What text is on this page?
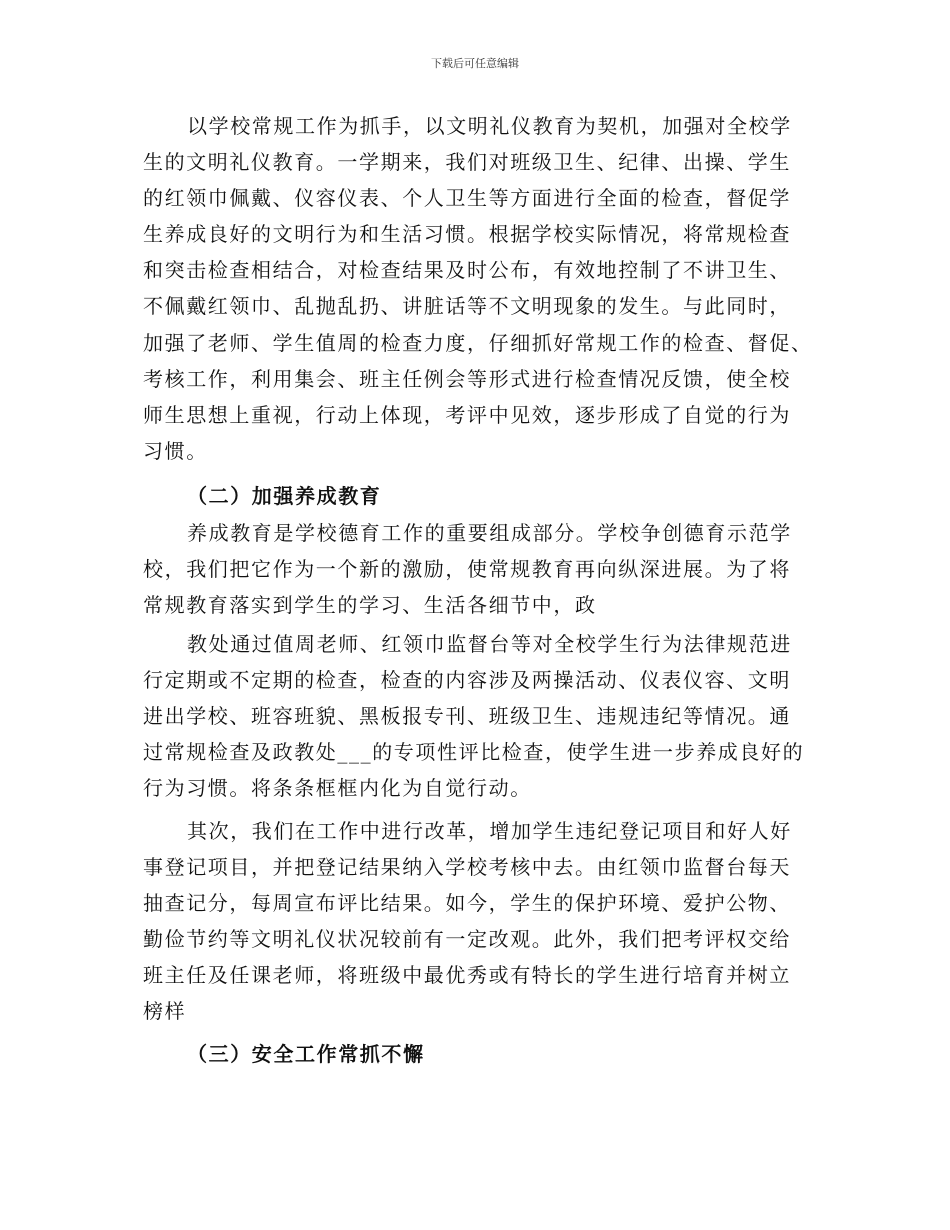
下载后可任意编辑
以学校常规工作为抓手，以文明礼仪教育为契机，加强对全校学
生的文明礼仪教育。一学期来，我们对班级卫生、纪律、出操、学生
的红领巾佩戴、仪容仪表、个人卫生等方面进行全面的检查，督促学
生养成良好的文明行为和生活习惯。根据学校实际情况，将常规检查
和突击检查相结合，对检查结果及时公布，有效地控制了不讲卫生、
不佩戴红领巾、乱抛乱扔、讲脏话等不文明现象的发生。与此同时，
加强了老师、学生值周的检查力度，仔细抓好常规工作的检查、督促、
考核工作，利用集会、班主任例会等形式进行检查情况反馈，使全校
师生思想上重视，行动上体现，考评中见效，逐步形成了自觉的行为
习惯。
（二）加强养成教育
养成教育是学校德育工作的重要组成部分。学校争创德育示范学
校，我们把它作为一个新的激励，使常规教育再向纵深进展。为了将
常规教育落实到学生的学习、生活各细节中，政
教处通过值周老师、红领巾监督台等对全校学生行为法律规范进
行定期或不定期的检查，检查的内容涉及两操活动、仪表仪容、文明
进出学校、班容班貌、黑板报专刊、班级卫生、违规违纪等情况。通
过常规检查及政教处___的专项性评比检查，使学生进一步养成良好的
行为习惯。将条条框框内化为自觉行动。
其次，我们在工作中进行改革，增加学生违纪登记项目和好人好
事登记项目，并把登记结果纳入学校考核中去。由红领巾监督台每天
抽查记分，每周宣布评比结果。如今，学生的保护环境、爱护公物、
勤俭节约等文明礼仪状况较前有一定改观。此外，我们把考评权交给
班主任及任课老师，将班级中最优秀或有特长的学生进行培育并树立
榜样
（三）安全工作常抓不懈
